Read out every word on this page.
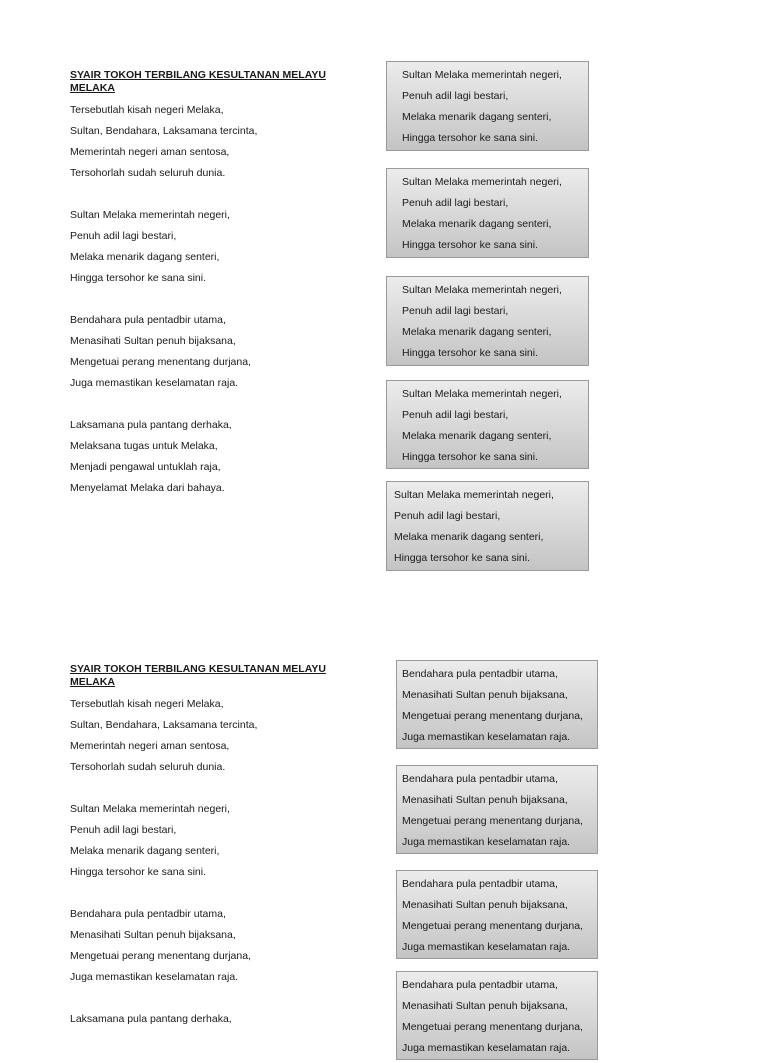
SYAIR TOKOH TERBILANG KESULTANAN MELAYU MELAKA
Tersebutlah kisah negeri Melaka,
Sultan, Bendahara, Laksamana tercinta,
Memerintah negeri aman sentosa,
Tersohorlah sudah seluruh dunia.
Sultan Melaka memerintah negeri,
Penuh adil lagi bestari,
Melaka menarik dagang senteri,
Hingga tersohor ke sana sini.
Bendahara pula pentadbir utama,
Menasihati Sultan penuh bijaksana,
Mengetuai perang menentang durjana,
Juga memastikan keselamatan raja.
Laksamana pula pantang derhaka,
Melaksana tugas untuk Melaka,
Menjadi pengawal untuklah raja,
Menyelamat Melaka dari bahaya.
Sultan Melaka memerintah negeri,
Penuh adil lagi bestari,
Melaka menarik dagang senteri,
Hingga tersohor ke sana sini.
Sultan Melaka memerintah negeri,
Penuh adil lagi bestari,
Melaka menarik dagang senteri,
Hingga tersohor ke sana sini.
Sultan Melaka memerintah negeri,
Penuh adil lagi bestari,
Melaka menarik dagang senteri,
Hingga tersohor ke sana sini.
Sultan Melaka memerintah negeri,
Penuh adil lagi bestari,
Melaka menarik dagang senteri,
Hingga tersohor ke sana sini.
Sultan Melaka memerintah negeri,
Penuh adil lagi bestari,
Melaka menarik dagang senteri,
Hingga tersohor ke sana sini.
SYAIR TOKOH TERBILANG KESULTANAN MELAYU MELAKA
Tersebutlah kisah negeri Melaka,
Sultan, Bendahara, Laksamana tercinta,
Memerintah negeri aman sentosa,
Tersohorlah sudah seluruh dunia.
Sultan Melaka memerintah negeri,
Penuh adil lagi bestari,
Melaka menarik dagang senteri,
Hingga tersohor ke sana sini.
Bendahara pula pentadbir utama,
Menasihati Sultan penuh bijaksana,
Mengetuai perang menentang durjana,
Juga memastikan keselamatan raja.
Laksamana pula pantang derhaka,
Bendahara pula pentadbir utama,
Menasihati Sultan penuh bijaksana,
Mengetuai perang menentang durjana,
Juga memastikan keselamatan raja.
Bendahara pula pentadbir utama,
Menasihati Sultan penuh bijaksana,
Mengetuai perang menentang durjana,
Juga memastikan keselamatan raja.
Bendahara pula pentadbir utama,
Menasihati Sultan penuh bijaksana,
Mengetuai perang menentang durjana,
Juga memastikan keselamatan raja.
Bendahara pula pentadbir utama,
Menasihati Sultan penuh bijaksana,
Mengetuai perang menentang durjana,
Juga memastikan keselamatan raja.
